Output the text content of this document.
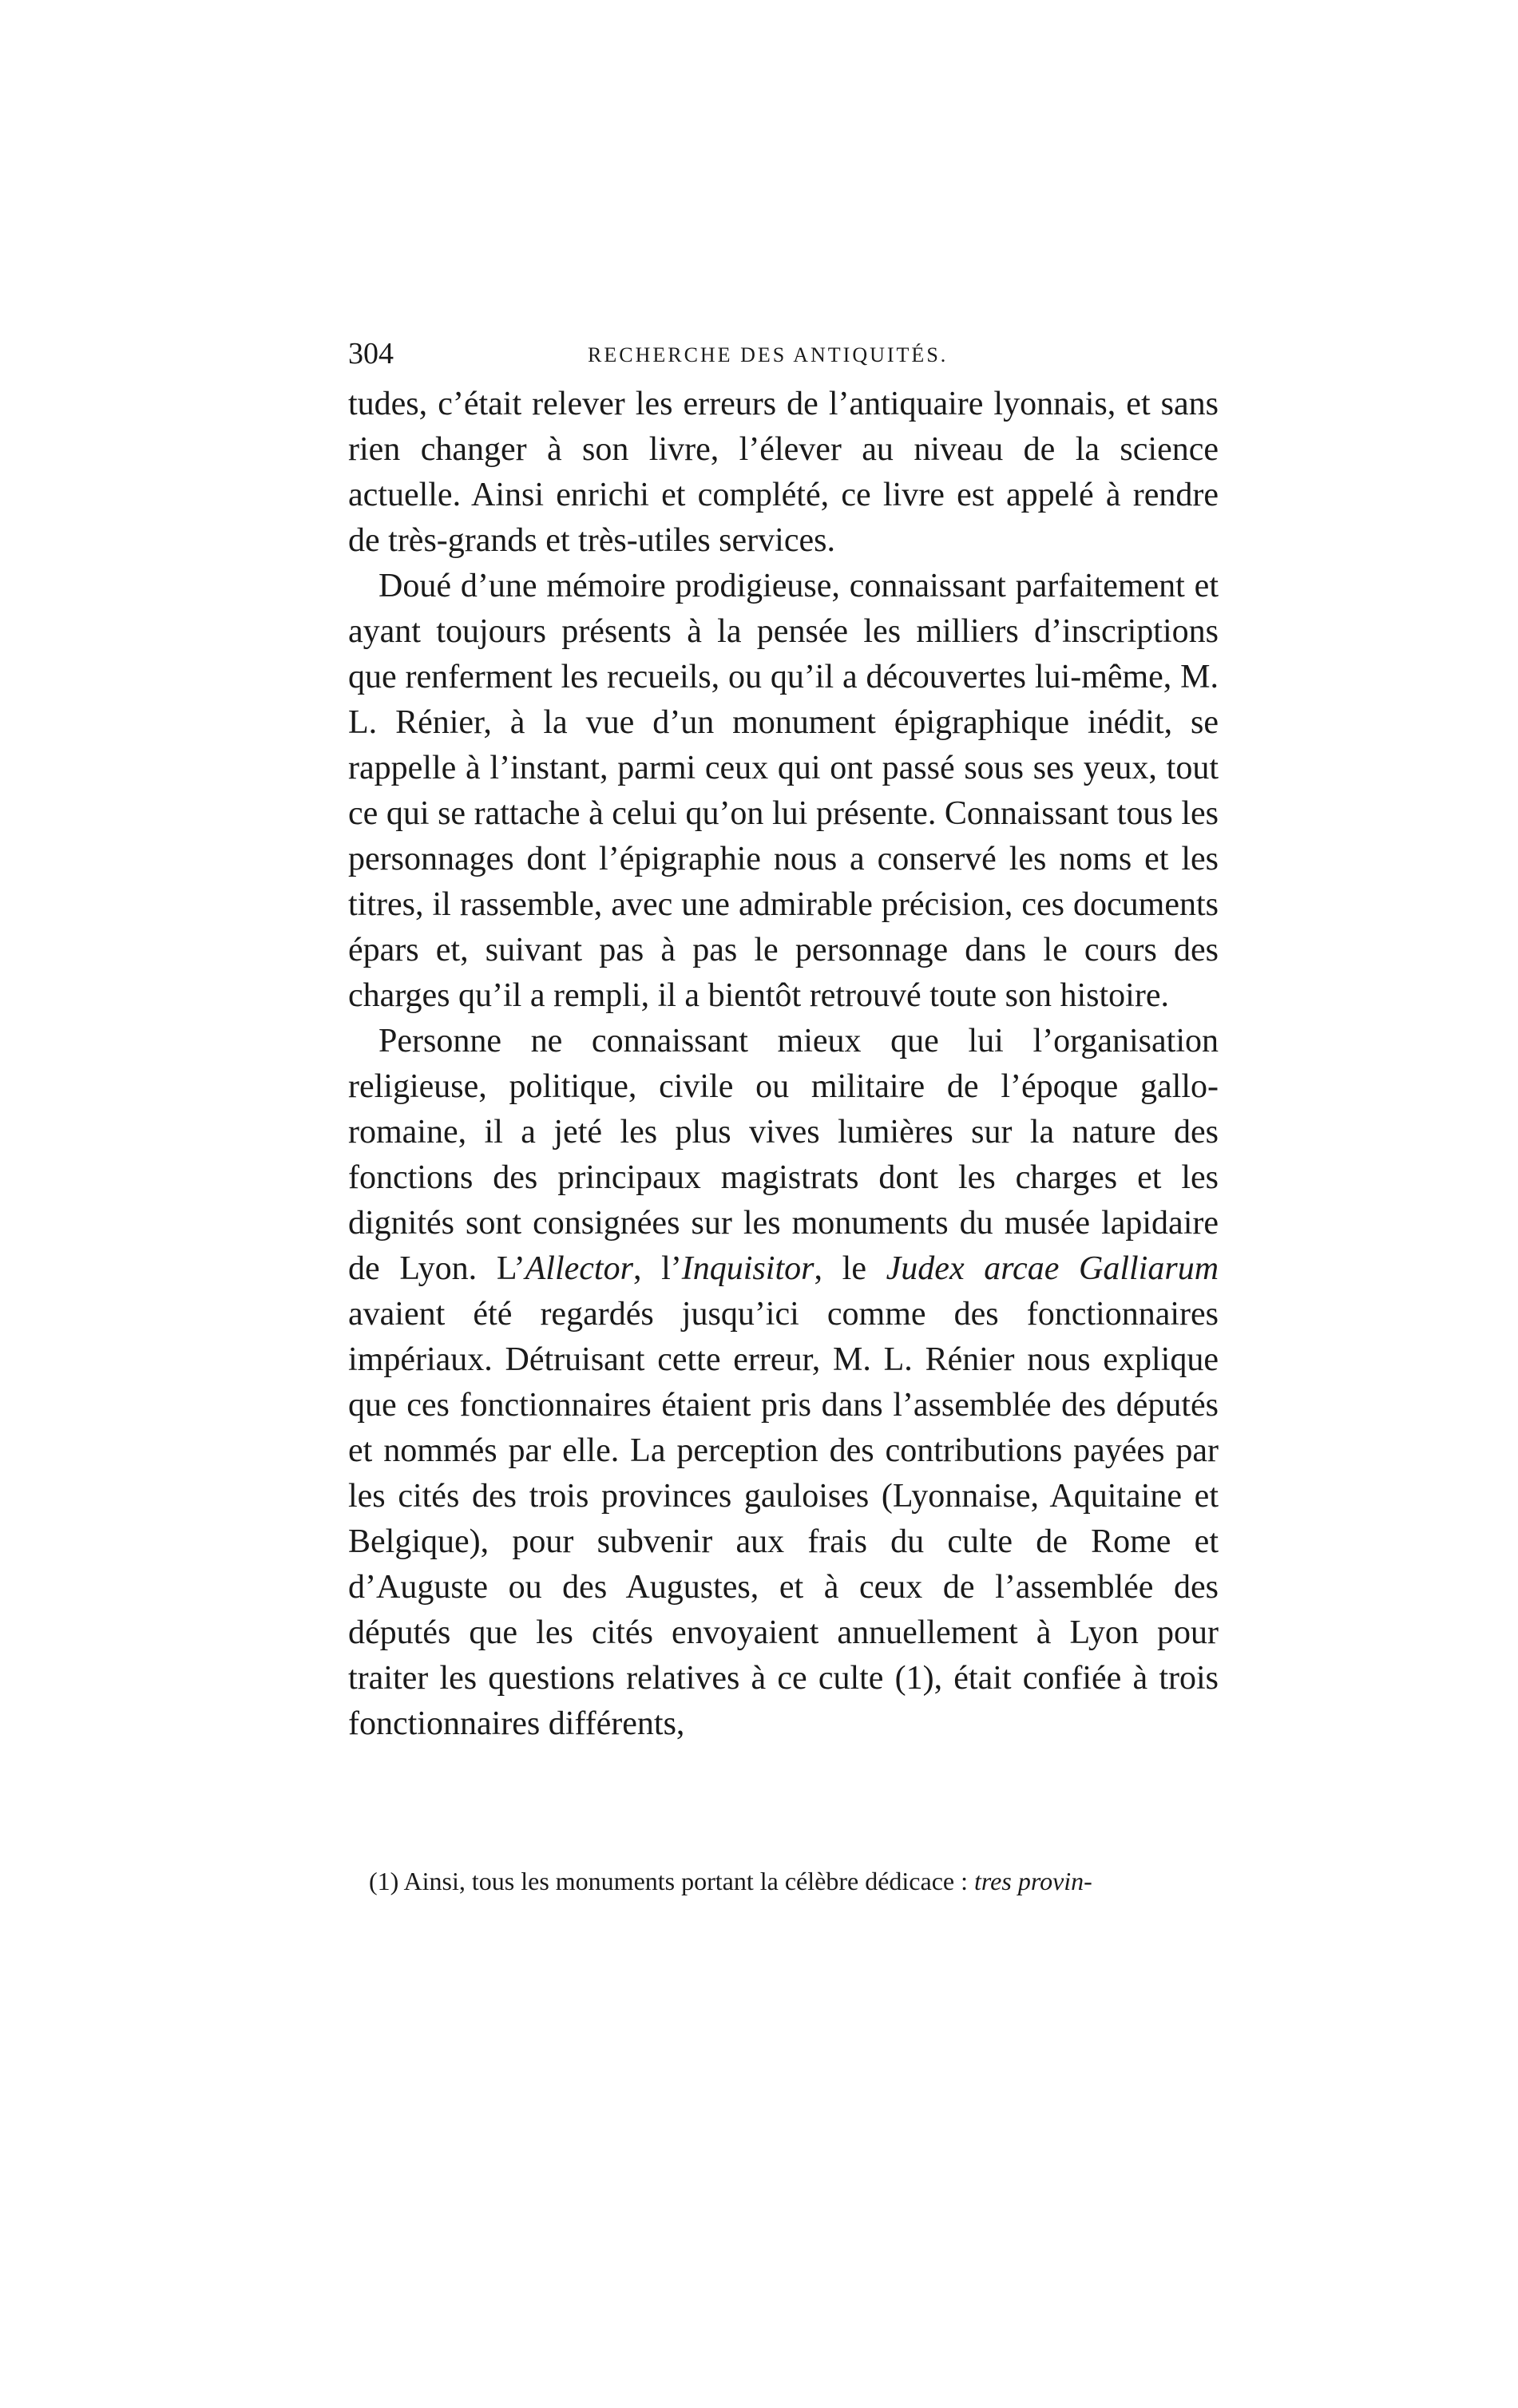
304	RECHERCHE DES ANTIQUITÉS.

tudes, c’était relever les erreurs de l’antiquaire lyonnais, et sans rien changer à son livre, l’élever au niveau de la science actuelle. Ainsi enrichi et complété, ce livre est appelé à rendre de très-grands et très-utiles services.

Doué d’une mémoire prodigieuse, connaissant parfaitement et ayant toujours présents à la pensée les milliers d’inscriptions que renferment les recueils, ou qu’il a découvertes lui-même, M. L. Rénier, à la vue d’un monument épigraphique inédit, se rappelle à l’instant, parmi ceux qui ont passé sous ses yeux, tout ce qui se rattache à celui qu’on lui présente. Connaissant tous les personnages dont l’épigraphie nous a conservé les noms et les titres, il rassemble, avec une admirable précision, ces documents épars et, suivant pas à pas le personnage dans le cours des charges qu’il a rempli, il a bientôt retrouvé toute son histoire.

Personne ne connaissant mieux que lui l’organisation religieuse, politique, civile ou militaire de l’époque gallo-romaine, il a jeté les plus vives lumières sur la nature des fonctions des principaux magistrats dont les charges et les dignités sont consignées sur les monuments du musée lapidaire de Lyon. L’Allector, l’Inquisitor, le Judex arcae Galliarum avaient été regardés jusqu’ici comme des fonctionnaires impériaux. Détruisant cette erreur, M. L. Rénier nous explique que ces fonctionnaires étaient pris dans l’assemblée des députés et nommés par elle. La perception des contributions payées par les cités des trois provinces gauloises (Lyonnaise, Aquitaine et Belgique), pour subvenir aux frais du culte de Rome et d’Auguste ou des Augustes, et à ceux de l’assemblée des députés que les cités envoyaient annuellement à Lyon pour traiter les questions relatives à ce culte (1), était confiée à trois fonctionnaires différents,

(1) Ainsi, tous les monuments portant la célèbre dédicace : tres provin-
